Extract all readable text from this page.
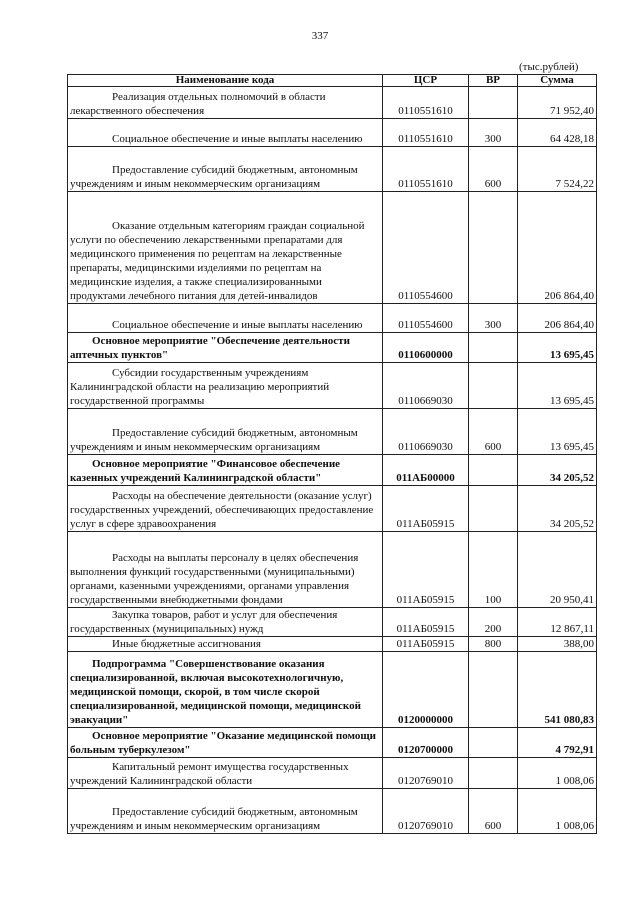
337
(тыс.рублей)
Наименование кода	ЦСР	ВР	Сумма

Реализация отдельных полномочий в области лекарственного обеспечения	0110551610		71 952,40

Социальное обеспечение и иные выплаты населению	0110551610	300	64 428,18

Предоставление субсидий бюджетным, автономным учреждениям и иным некоммерческим организациям	0110551610	600	7 524,22

Оказание отдельным категориям граждан социальной услуги по обеспечению лекарственными препаратами для медицинского применения по рецептам на лекарственные препараты, медицинскими изделиями по рецептам на медицинские изделия, а также специализированными продуктами лечебного питания для детей-инвалидов	0110554600		206 864,40

Социальное обеспечение и иные выплаты населению	0110554600	300	206 864,40

Основное мероприятие "Обеспечение деятельности аптечных пунктов"	0110600000		13 695,45

Субсидии государственным учреждениям Калининградской области на реализацию мероприятий государственной программы	0110669030		13 695,45

Предоставление субсидий бюджетным, автономным учреждениям и иным некоммерческим организациям	0110669030	600	13 695,45

Основное мероприятие "Финансовое обеспечение казенных учреждений Калининградской области"	011АБ00000		34 205,52

Расходы на обеспечение деятельности (оказание услуг) государственных учреждений, обеспечивающих предоставление услуг в сфере здравоохранения	011АБ05915		34 205,52

Расходы на выплаты персоналу в целях обеспечения выполнения функций государственными (муниципальными) органами, казенными учреждениями, органами управления государственными внебюджетными фондами	011АБ05915	100	20 950,41

Закупка товаров, работ и услуг для обеспечения государственных (муниципальных) нужд	011АБ05915	200	12 867,11

Иные бюджетные ассигнования	011АБ05915	800	388,00

Подпрограмма "Совершенствование оказания специализированной, включая высокотехнологичную, медицинской помощи, скорой, в том числе скорой специализированной, медицинской помощи, медицинской эвакуации"	0120000000		541 080,83

Основное мероприятие "Оказание медицинской помощи больным туберкулезом"	0120700000		4 792,91

Капитальный ремонт имущества государственных учреждений Калининградской области	0120769010		1 008,06

Предоставление субсидий бюджетным, автономным учреждениям и иным некоммерческим организациям	0120769010	600	1 008,06
